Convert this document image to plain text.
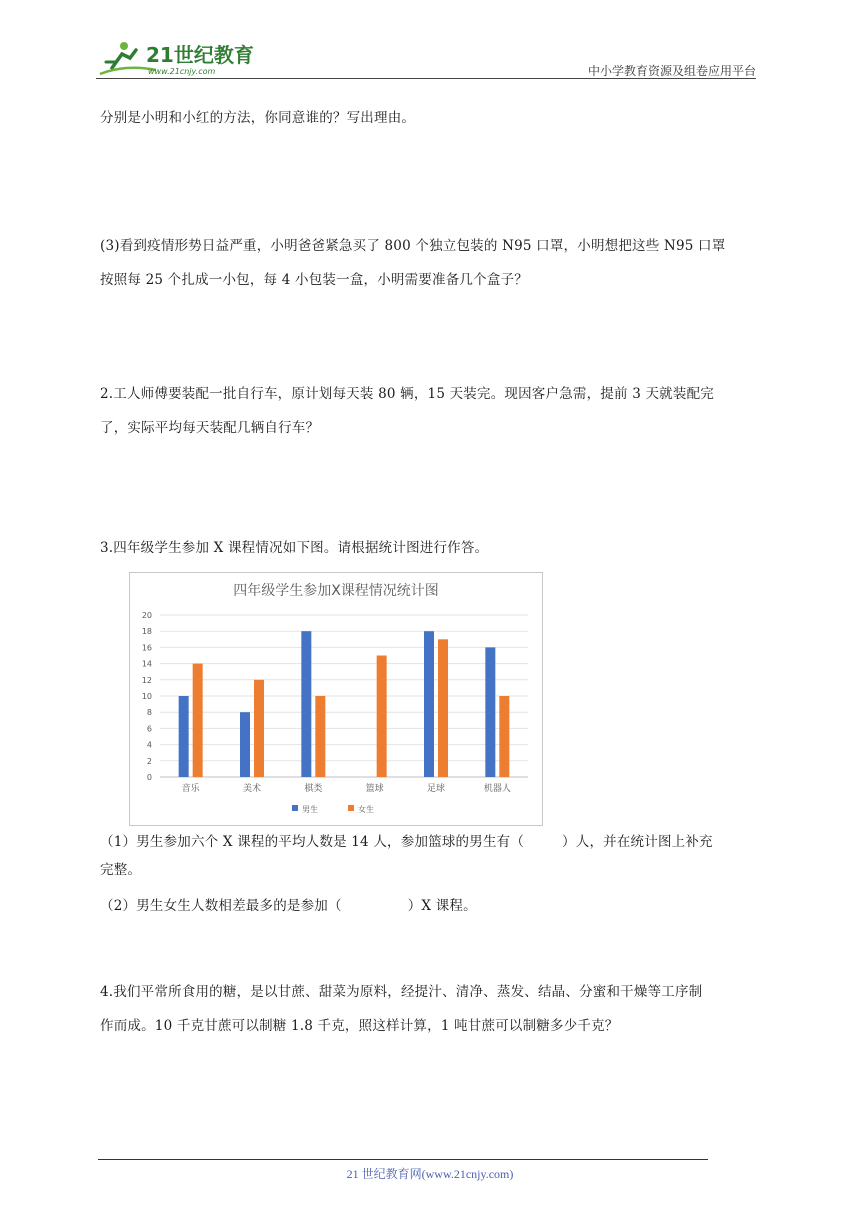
21世纪教育
www.21cnjy.com	中小学教育资源及组卷应用平台
分别是小明和小红的方法，你同意谁的？写出理由。
(3)看到疫情形势日益严重，小明爸爸紧急买了 800 个独立包装的 N95 口罩，小明想把这些 N95 口罩
按照每 25 个扎成一小包，每 4 小包装一盒，小明需要准备几个盒子？
2.工人师傅要装配一批自行车，原计划每天装 80 辆，15 天装完。现因客户急需，提前 3 天就装配完
了，实际平均每天装配几辆自行车？
3.四年级学生参加 X 课程情况如下图。请根据统计图进行作答。
四年级学生参加X课程情况统计图
0
2
4
6
8
10
12
14
16
18
20
音乐	美术	棋类	篮球	足球	机器人
男生	女生
（1）男生参加六个 X 课程的平均人数是 14 人，参加篮球的男生有（	）人，并在统计图上补充
完整。
（2）男生女生人数相差最多的是参加（	）X 课程。
4.我们平常所食用的糖，是以甘蔗、甜菜为原料，经提汁、清净、蒸发、结晶、分蜜和干燥等工序制
作而成。10 千克甘蔗可以制糖 1.8 千克，照这样计算，1 吨甘蔗可以制糖多少千克？
21 世纪教育网(www.21cnjy.com)
